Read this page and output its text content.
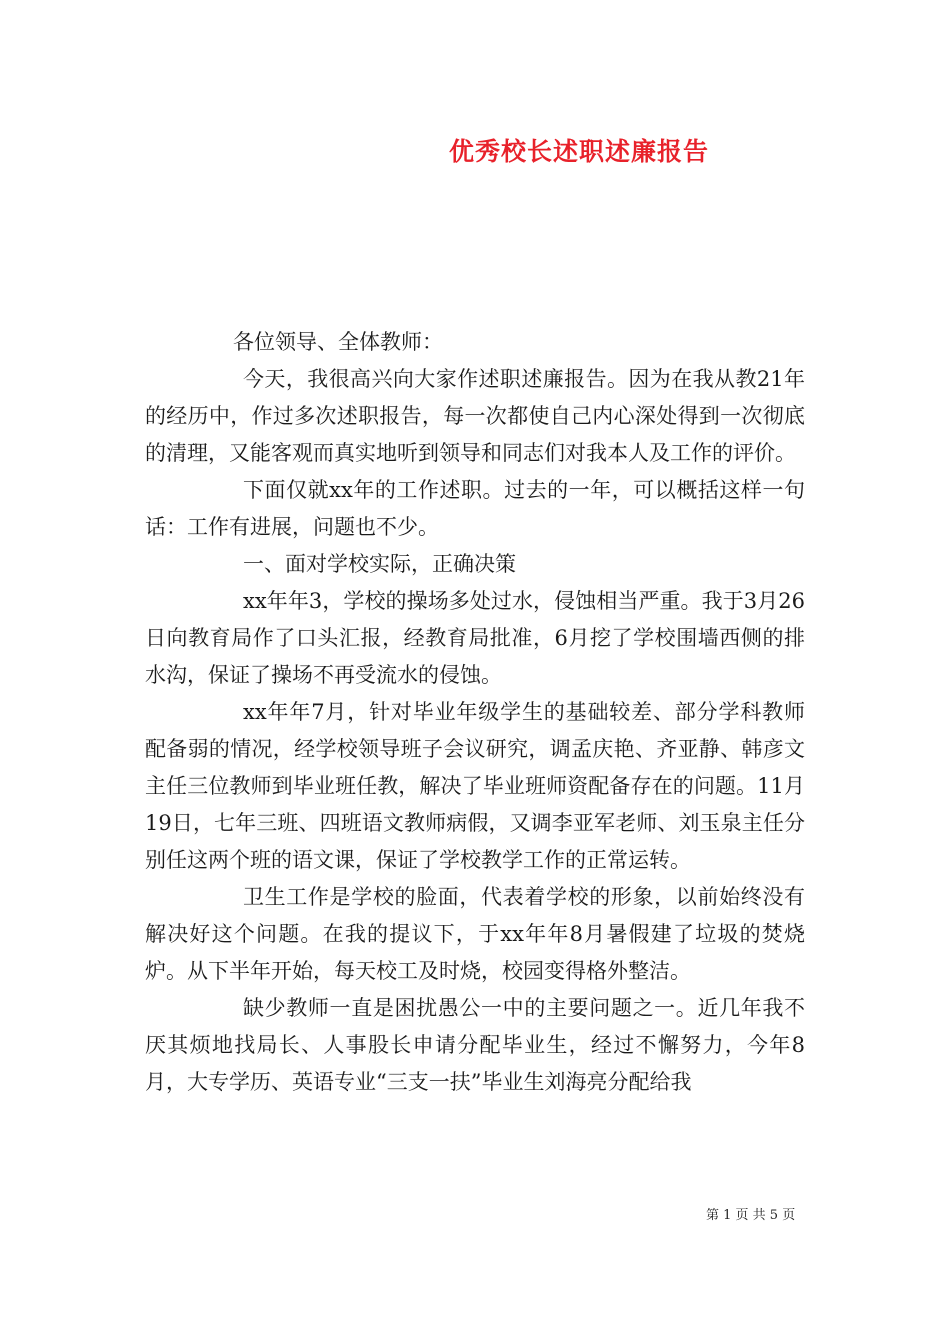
优秀校长述职述廉报告

各位领导、全体教师：

今天，我很高兴向大家作述职述廉报告。因为在我从教21年的经历中，作过多次述职报告，每一次都使自己内心深处得到一次彻底的清理，又能客观而真实地听到领导和同志们对我本人及工作的评价。

下面仅就xx年的工作述职。过去的一年，可以概括这样一句话：工作有进展，问题也不少。

一、面对学校实际，正确决策

xx年年3，学校的操场多处过水，侵蚀相当严重。我于3月26日向教育局作了口头汇报，经教育局批准，6月挖了学校围墙西侧的排水沟，保证了操场不再受流水的侵蚀。

xx年年7月，针对毕业年级学生的基础较差、部分学科教师配备弱的情况，经学校领导班子会议研究，调孟庆艳、齐亚静、韩彦文主任三位教师到毕业班任教，解决了毕业班师资配备存在的问题。11月19日，七年三班、四班语文教师病假，又调李亚军老师、刘玉泉主任分别任这两个班的语文课，保证了学校教学工作的正常运转。

卫生工作是学校的脸面，代表着学校的形象，以前始终没有解决好这个问题。在我的提议下，于xx年年8月暑假建了垃圾的焚烧炉。从下半年开始，每天校工及时烧，校园变得格外整洁。

缺少教师一直是困扰愚公一中的主要问题之一。近几年我不厌其烦地找局长、人事股长申请分配毕业生，经过不懈努力，今年8月，大专学历、英语专业“三支一扶”毕业生刘海亮分配给我

第 1 页 共 5 页
